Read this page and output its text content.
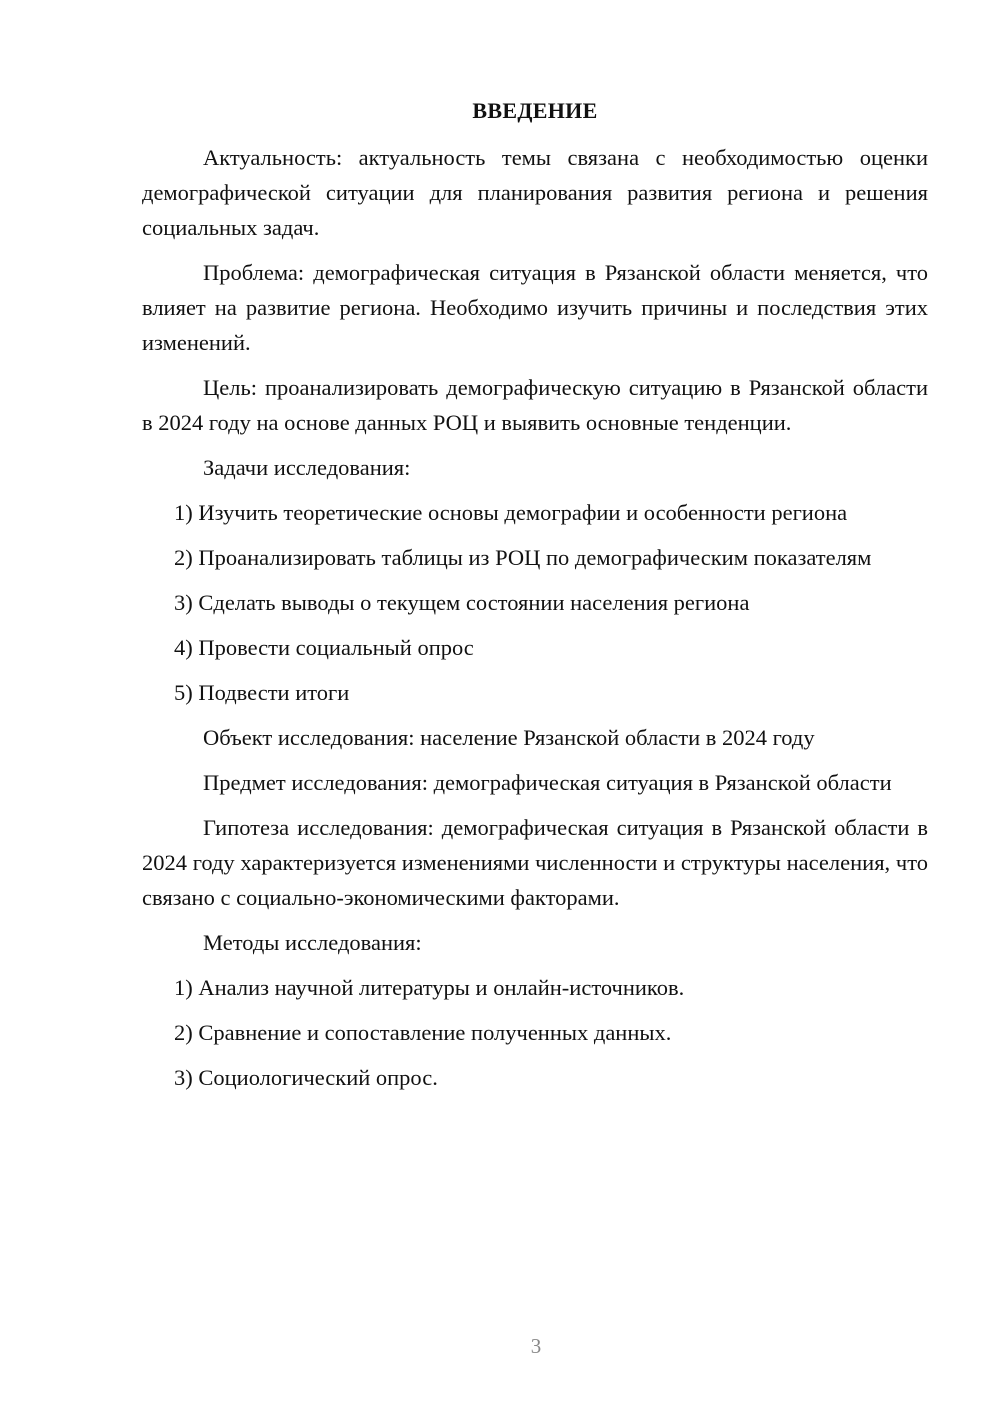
ВВЕДЕНИЕ

Актуальность: актуальность темы связана с необходимостью оценки демографической ситуации для планирования развития региона и решения социальных задач.

Проблема: демографическая ситуация в Рязанской области меняется, что влияет на развитие региона. Необходимо изучить причины и последствия этих изменений.

Цель: проанализировать демографическую ситуацию в Рязанской области в 2024 году на основе данных РОЦ и выявить основные тенденции.

Задачи исследования:

1) Изучить теоретические основы демографии и особенности региона

2) Проанализировать таблицы из РОЦ по демографическим показателям

3) Сделать выводы о текущем состоянии населения региона

4) Провести социальный опрос

5) Подвести итоги

Объект исследования: население Рязанской области в 2024 году

Предмет исследования: демографическая ситуация в Рязанской области

Гипотеза исследования: демографическая ситуация в Рязанской области в 2024 году характеризуется изменениями численности и структуры населения, что связано с социально-экономическими факторами.

Методы исследования:

1) Анализ научной литературы и онлайн-источников.

2) Сравнение и сопоставление полученных данных.

3) Социологический опрос.

3
